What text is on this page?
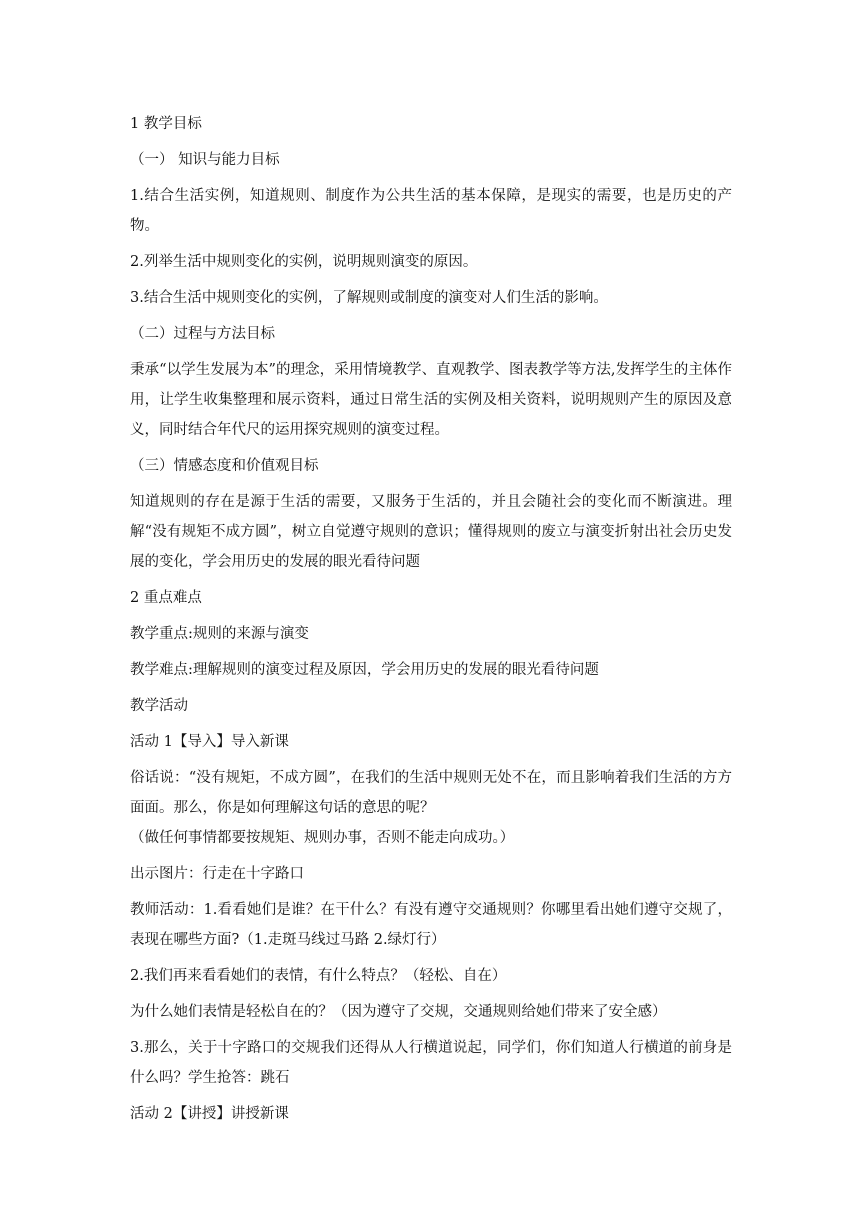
1 教学目标

（一） 知识与能力目标

1.结合生活实例，知道规则、制度作为公共生活的基本保障，是现实的需要，也是历史的产物。

2.列举生活中规则变化的实例，说明规则演变的原因。

3.结合生活中规则变化的实例，了解规则或制度的演变对人们生活的影响。

（二）过程与方法目标

秉承“以学生发展为本”的理念，采用情境教学、直观教学、图表教学等方法,发挥学生的主体作用，让学生收集整理和展示资料，通过日常生活的实例及相关资料，说明规则产生的原因及意义，同时结合年代尺的运用探究规则的演变过程。

（三）情感态度和价值观目标

知道规则的存在是源于生活的需要，又服务于生活的，并且会随社会的变化而不断演进。理解“没有规矩不成方圆”，树立自觉遵守规则的意识；懂得规则的废立与演变折射出社会历史发展的变化，学会用历史的发展的眼光看待问题

2 重点难点

教学重点:规则的来源与演变

教学难点:理解规则的演变过程及原因，学会用历史的发展的眼光看待问题

教学活动

活动 1【导入】导入新课

俗话说：“没有规矩，不成方圆”，在我们的生活中规则无处不在，而且影响着我们生活的方方面面。那么，你是如何理解这句话的意思的呢？

（做任何事情都要按规矩、规则办事，否则不能走向成功。）

出示图片：行走在十字路口

教师活动：1.看看她们是谁？在干什么？有没有遵守交通规则？你哪里看出她们遵守交规了，表现在哪些方面?（1.走斑马线过马路 2.绿灯行）

2.我们再来看看她们的表情，有什么特点？（轻松、自在）

为什么她们表情是轻松自在的？（因为遵守了交规，交通规则给她们带来了安全感）

3.那么，关于十字路口的交规我们还得从人行横道说起，同学们，你们知道人行横道的前身是什么吗？学生抢答：跳石

活动 2【讲授】讲授新课
